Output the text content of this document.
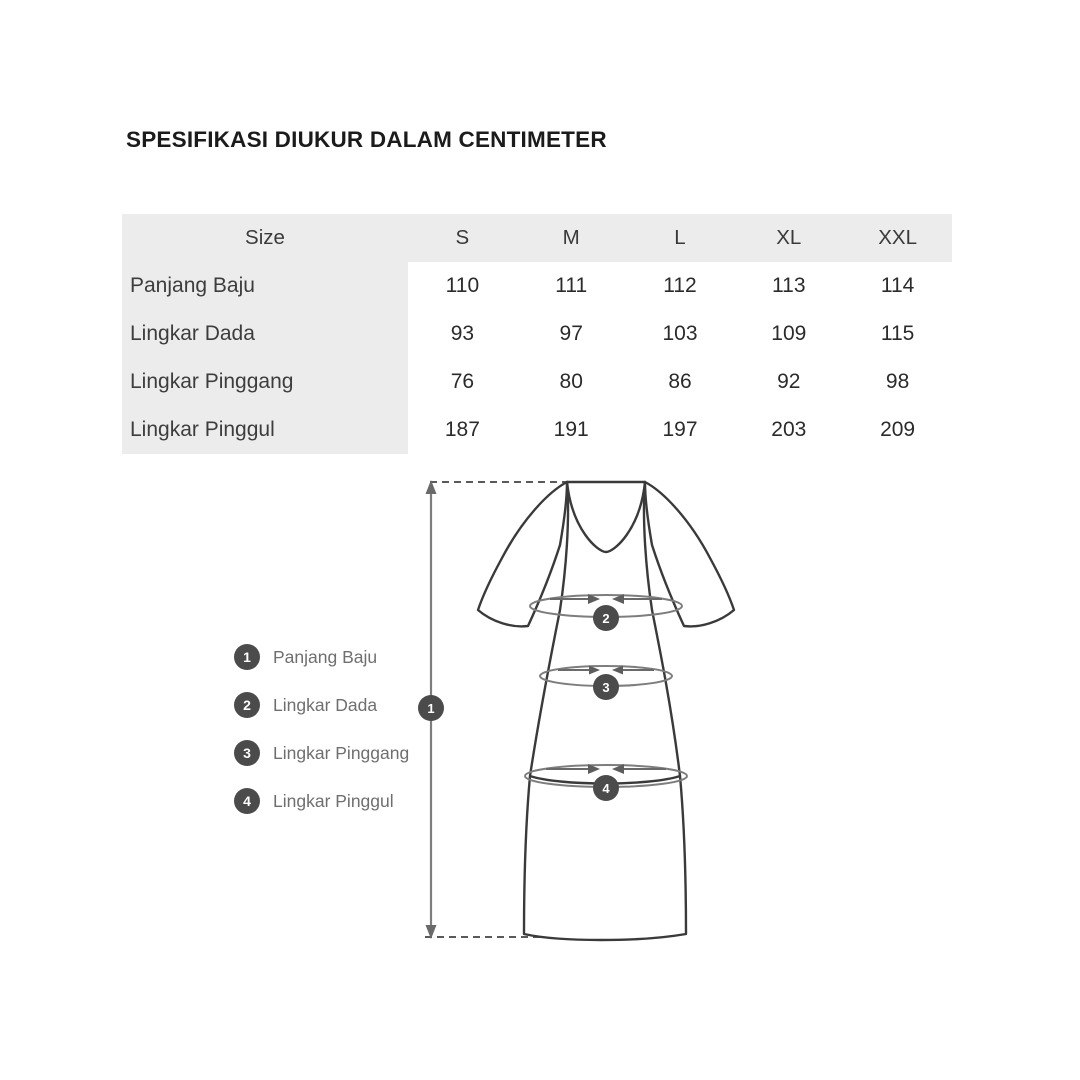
SPESIFIKASI DIUKUR DALAM CENTIMETER
Size	S	M	L	XL	XXL
Panjang Baju	110	111	112	113	114
Lingkar Dada	93	97	103	109	115
Lingkar Pinggang	76	80	86	92	98
Lingkar Pinggul	187	191	197	203	209
1	Panjang Baju
2	Lingkar Dada
3	Lingkar Pinggang
4	Lingkar Pinggul
2
3
4
1
